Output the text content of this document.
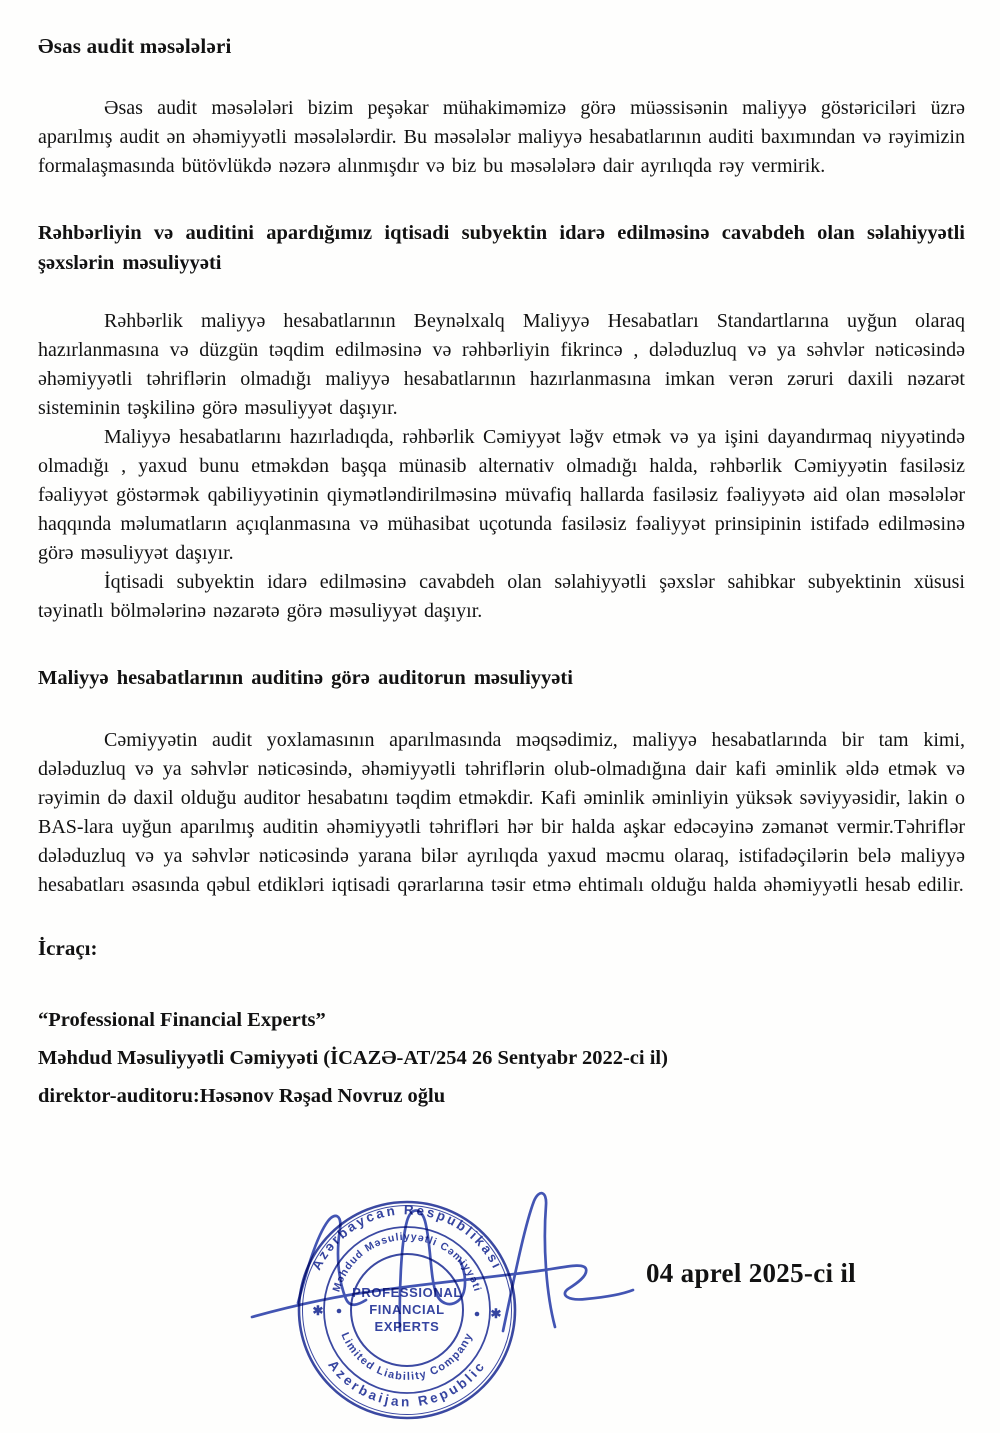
Əsas audit məsələləri

Əsas audit məsələləri bizim peşəkar mühakiməmizə görə müəssisənin maliyyə göstəriciləri üzrə aparılmış audit ən əhəmiyyətli məsələlərdir. Bu məsələlər maliyyə hesabatlarının auditi baxımından və rəyimizin formalaşmasında bütövlükdə nəzərə alınmışdır və biz bu məsələlərə dair ayrılıqda rəy vermirik.

Rəhbərliyin və auditini apardığımız iqtisadi subyektin idarə edilməsinə cavabdeh olan səlahiyyətli şəxslərin məsuliyyəti

Rəhbərlik maliyyə hesabatlarının Beynəlxalq Maliyyə Hesabatları Standartlarına uyğun olaraq hazırlanmasına və düzgün təqdim edilməsinə və rəhbərliyin fikrincə , dələduzluq və ya səhvlər nəticəsində əhəmiyyətli təhriflərin olmadığı maliyyə hesabatlarının hazırlanmasına imkan verən zəruri daxili nəzarət sisteminin təşkilinə görə məsuliyyət daşıyır.

Maliyyə hesabatlarını hazırladıqda, rəhbərlik Cəmiyyət ləğv etmək və ya işini dayandırmaq niyyətində olmadığı , yaxud bunu etməkdən başqa münasib alternativ olmadığı halda, rəhbərlik Cəmiyyətin fasiləsiz fəaliyyət göstərmək qabiliyyətinin qiymətləndirilməsinə müvafiq hallarda fasiləsiz fəaliyyətə aid olan məsələlər haqqında məlumatların açıqlanmasına və mühasibat uçotunda fasiləsiz fəaliyyət prinsipinin istifadə edilməsinə görə məsuliyyət daşıyır.

İqtisadi subyektin idarə edilməsinə cavabdeh olan səlahiyyətli şəxslər sahibkar subyektinin xüsusi təyinatlı bölmələrinə nəzarətə görə məsuliyyət daşıyır.

Maliyyə hesabatlarının auditinə görə auditorun məsuliyyəti

Cəmiyyətin audit yoxlamasının aparılmasında məqsədimiz, maliyyə hesabatlarında bir tam kimi, dələduzluq və ya səhvlər nəticəsində, əhəmiyyətli təhriflərin olub-olmadığına dair kafi əminlik əldə etmək və rəyimin də daxil olduğu auditor hesabatını təqdim etməkdir. Kafi əminlik əminliyin yüksək səviyyəsidir, lakin o BAS-lara uyğun aparılmış auditin əhəmiyyətli təhrifləri hər bir halda aşkar edəcəyinə zəmanət vermir.Təhriflər dələduzluq və ya səhvlər nəticəsində yarana bilər ayrılıqda yaxud məcmu olaraq, istifadəçilərin belə maliyyə hesabatları əsasında qəbul etdikləri iqtisadi qərarlarına təsir etmə ehtimalı olduğu halda əhəmiyyətli hesab edilir.

İcraçı:

“Professional Financial Experts”
Məhdud Məsuliyyətli Cəmiyyəti (İCAZƏ-AT/254 26 Sentyabr 2022-ci il)
direktor-auditoru:Həsənov Rəşad Novruz oğlu
04 aprel 2025-ci il
Azərbaycan Respublikası
Azerbaijan Republic
Məhdud Məsuliyyətli Cəmiyyəti
Limited Liability Company
PROFESSIONAL
FINANCIAL
EXPERTS
✱	✱
